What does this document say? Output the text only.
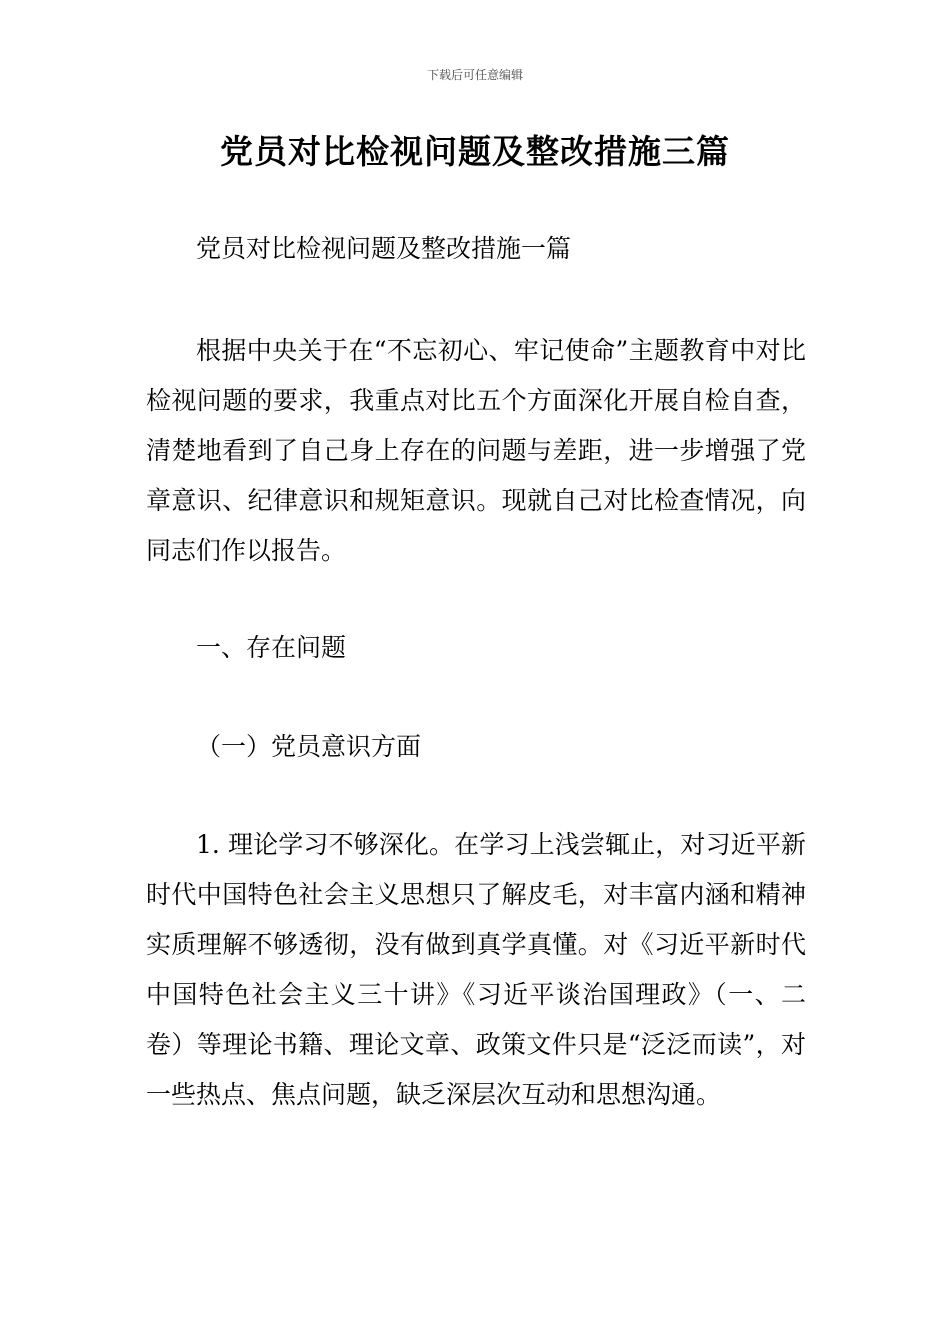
下载后可任意编辑
党员对比检视问题及整改措施三篇

党员对比检视问题及整改措施一篇

根据中央关于在“不忘初心、牢记使命”主题教育中对比检视问题的要求，我重点对比五个方面深化开展自检自查，清楚地看到了自己身上存在的问题与差距，进一步增强了党章意识、纪律意识和规矩意识。现就自己对比检查情况，向同志们作以报告。

一、存在问题

（一）党员意识方面

1. 理论学习不够深化。在学习上浅尝辄止，对习近平新时代中国特色社会主义思想只了解皮毛，对丰富内涵和精神实质理解不够透彻，没有做到真学真懂。对《习近平新时代中国特色社会主义三十讲》《习近平谈治国理政》（一、二卷）等理论书籍、理论文章、政策文件只是“泛泛而读”，对一些热点、焦点问题，缺乏深层次互动和思想沟通。
